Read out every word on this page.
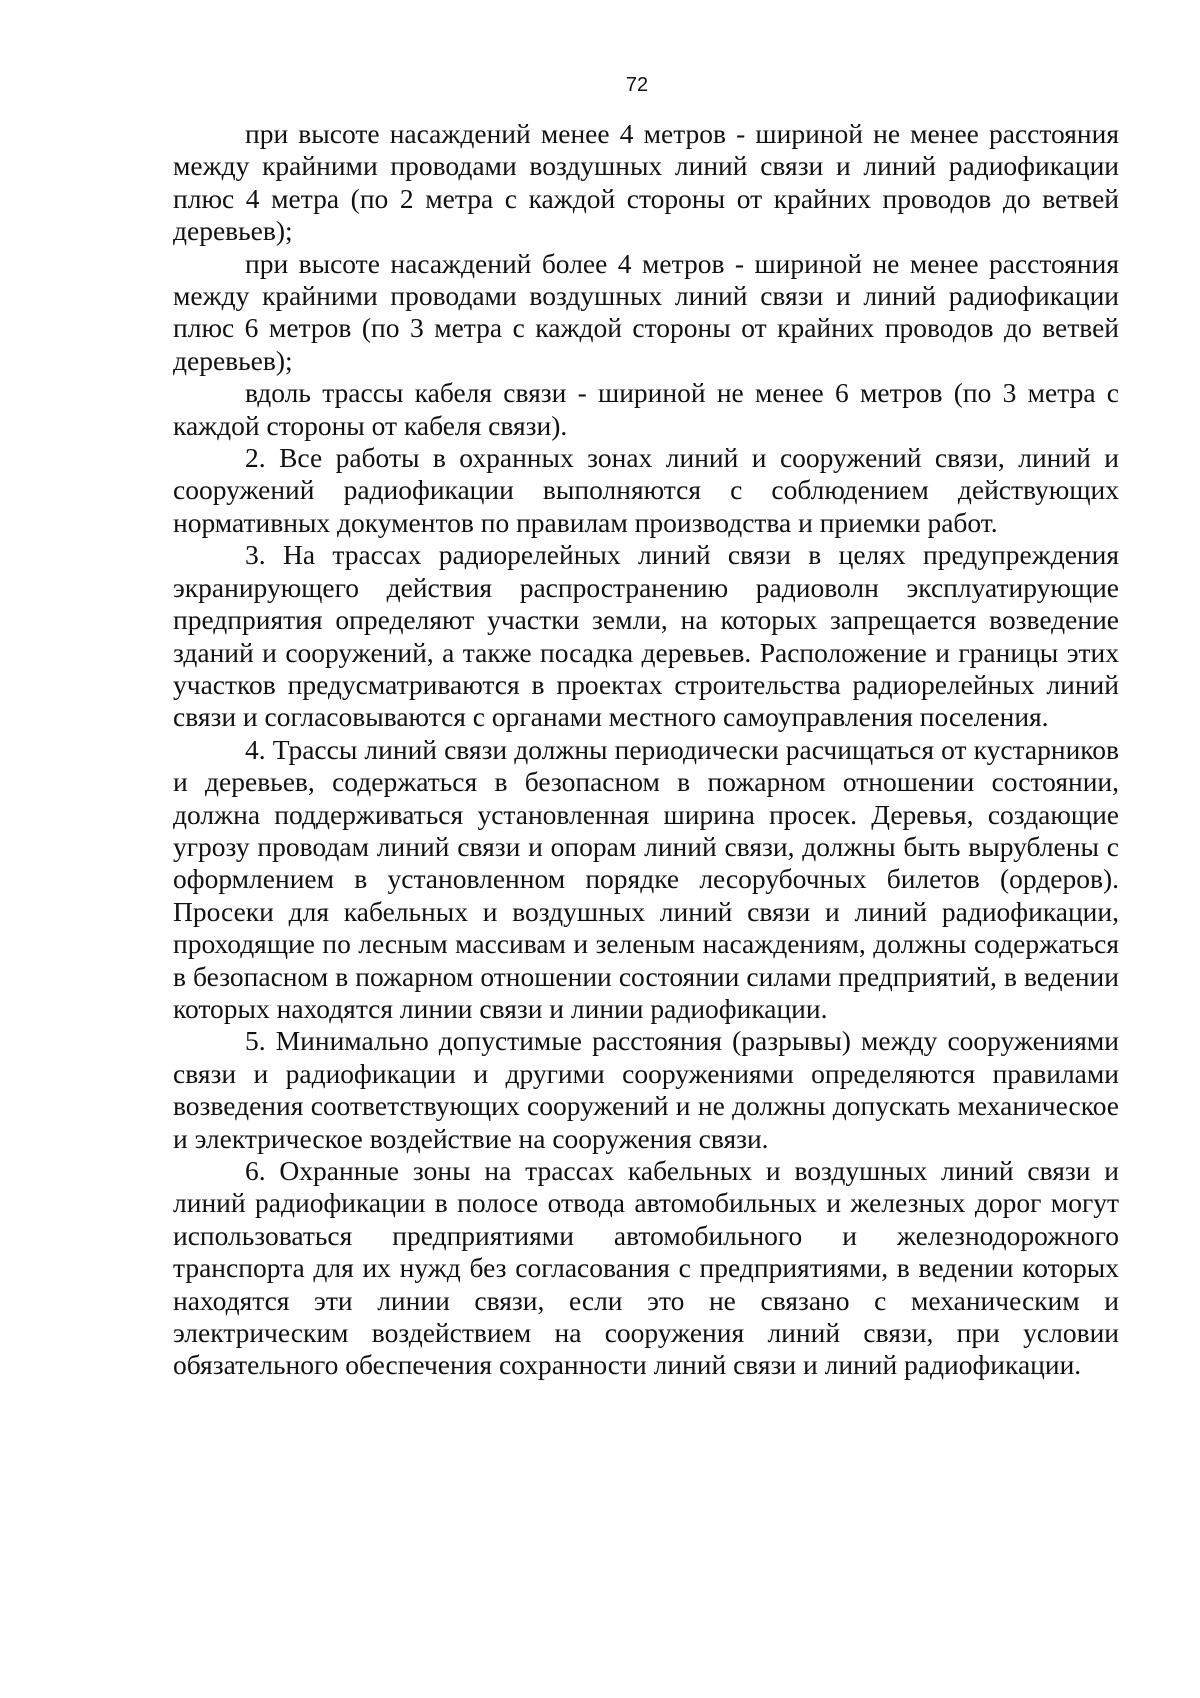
72

при высоте насаждений менее 4 метров - шириной не менее расстояния между крайними проводами воздушных линий связи и линий радиофикации плюс 4 метра (по 2 метра с каждой стороны от крайних проводов до ветвей деревьев);

при высоте насаждений более 4 метров - шириной не менее расстояния между крайними проводами воздушных линий связи и линий радиофикации плюс 6 метров (по 3 метра с каждой стороны от крайних проводов до ветвей деревьев);

вдоль трассы кабеля связи - шириной не менее 6 метров (по 3 метра с каждой стороны от кабеля связи).

2. Все работы в охранных зонах линий и сооружений связи, линий и сооружений радиофикации выполняются с соблюдением действующих нормативных документов по правилам производства и приемки работ.

3. На трассах радиорелейных линий связи в целях предупреждения экранирующего действия распространению радиоволн эксплуатирующие предприятия определяют участки земли, на которых запрещается возведение зданий и сооружений, а также посадка деревьев. Расположение и границы этих участков предусматриваются в проектах строительства радиорелейных линий связи и согласовываются с органами местного самоуправления поселения.

4. Трассы линий связи должны периодически расчищаться от кустарников и деревьев, содержаться в безопасном в пожарном отношении состоянии, должна поддерживаться установленная ширина просек. Деревья, создающие угрозу проводам линий связи и опорам линий связи, должны быть вырублены с оформлением в установленном порядке лесорубочных билетов (ордеров). Просеки для кабельных и воздушных линий связи и линий радиофикации, проходящие по лесным массивам и зеленым насаждениям, должны содержаться в безопасном в пожарном отношении состоянии силами предприятий, в ведении которых находятся линии связи и линии радиофикации.

5. Минимально допустимые расстояния (разрывы) между сооружениями связи и радиофикации и другими сооружениями определяются правилами возведения соответствующих сооружений и не должны допускать механическое и электрическое воздействие на сооружения связи.

6. Охранные зоны на трассах кабельных и воздушных линий связи и линий радиофикации в полосе отвода автомобильных и железных дорог могут использоваться предприятиями автомобильного и железнодорожного транспорта для их нужд без согласования с предприятиями, в ведении которых находятся эти линии связи, если это не связано с механическим и электрическим воздействием на сооружения линий связи, при условии обязательного обеспечения сохранности линий связи и линий радиофикации.
